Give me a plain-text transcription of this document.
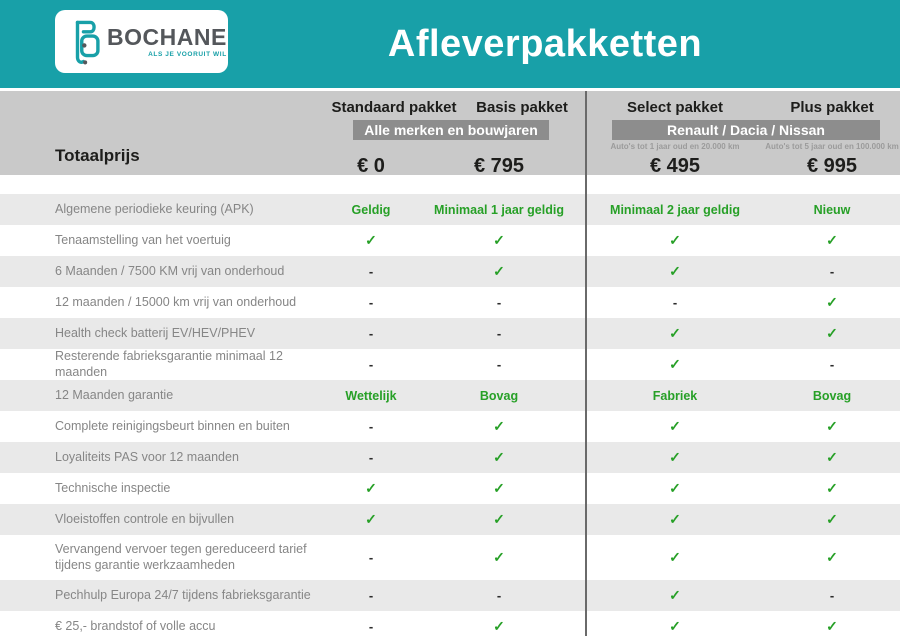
BOCHANE
ALS JE VOORUIT WIL	Afleverpakketten
Totaalprijs
Standaard pakket	Basis pakket
Alle merken en bouwjaren
€ 0	€ 795
Select pakket	Plus pakket
Renault / Dacia / Nissan
Auto's tot 1 jaar oud en 20.000 km	Auto's tot 5 jaar oud en 100.000 km
€ 495	€ 995
Algemene periodieke keuring (APK)	Geldig	Minimaal 1 jaar geldig	Minimaal 2 jaar geldig	Nieuw
Tenaamstelling van het voertuig	✓	✓	✓	✓
6 Maanden / 7500 KM vrij van onderhoud	-	✓	✓	-
12 maanden / 15000 km vrij van onderhoud	-	-	-	✓
Health check batterij EV/HEV/PHEV	-	-	✓	✓
Resterende fabrieksgarantie minimaal 12 maanden	-	-	✓	-
12 Maanden garantie	Wettelijk	Bovag	Fabriek	Bovag
Complete reinigingsbeurt binnen en buiten	-	✓	✓	✓
Loyaliteits PAS voor 12 maanden	-	✓	✓	✓
Technische inspectie	✓	✓	✓	✓
Vloeistoffen controle en bijvullen	✓	✓	✓	✓
Vervangend vervoer tegen gereduceerd tarief tijdens garantie werkzaamheden	-	✓	✓	✓
Pechhulp Europa 24/7 tijdens fabrieksgarantie	-	-	✓	-
€ 25,- brandstof of volle accu	-	✓	✓	✓
